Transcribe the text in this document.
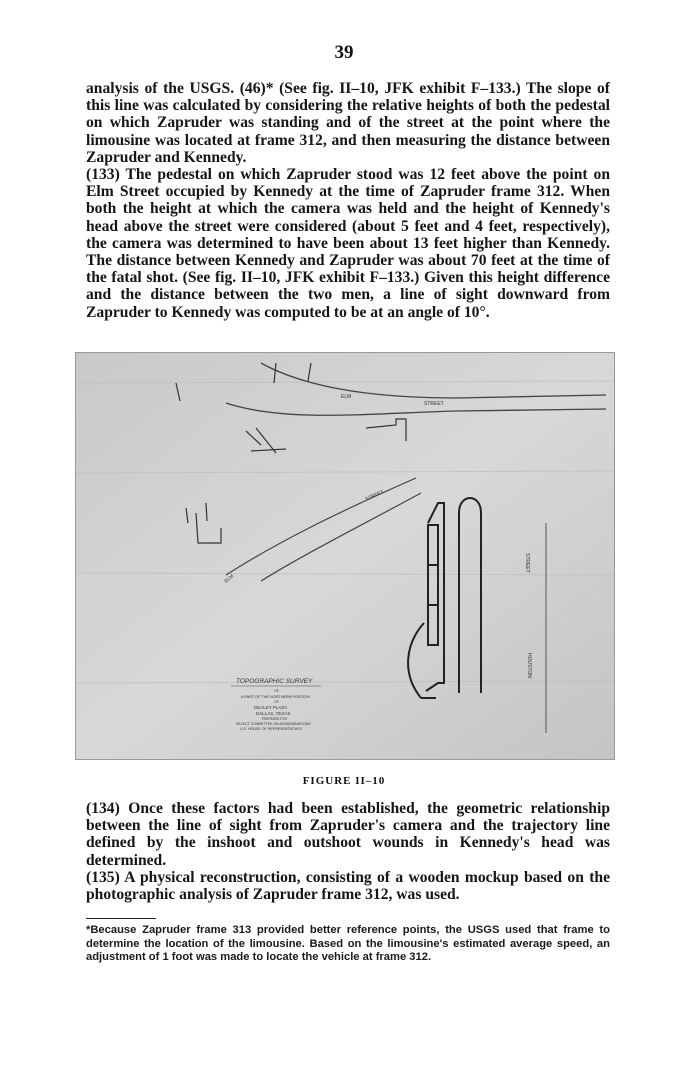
39

analysis of the USGS. (46)* (See fig. II–10, JFK exhibit F–133.) The slope of this line was calculated by considering the relative heights of both the pedestal on which Zapruder was standing and of the street at the point where the limousine was located at frame 312, and then measuring the distance between Zapruder and Kennedy.

(133) The pedestal on which Zapruder stood was 12 feet above the point on Elm Street occupied by Kennedy at the time of Zapruder frame 312. When both the height at which the camera was held and the height of Kennedy's head above the street were considered (about 5 feet and 4 feet, respectively), the camera was determined to have been about 13 feet higher than Kennedy. The distance between Kennedy and Zapruder was about 70 feet at the time of the fatal shot. (See fig. II–10, JFK exhibit F–133.) Given this height difference and the distance between the two men, a line of sight downward from Zapruder to Kennedy was computed to be at an angle of 10°.

ELM
STREET
STREET
ELM
STREET
HOUSTON
TOPOGRAPHIC SURVEY
OF
A PART OF THE NORTHERN PORTION
OF
DEALEY PLAZA
DALLAS, TEXAS
PREPARED FOR
SELECT COMMITTEE ON ASSASSINATIONS
U.S. HOUSE OF REPRESENTATIVES
FIGURE II–10

(134) Once these factors had been established, the geometric relationship between the line of sight from Zapruder's camera and the trajectory line defined by the inshoot and outshoot wounds in Kennedy's head was determined.

(135) A physical reconstruction, consisting of a wooden mockup based on the photographic analysis of Zapruder frame 312, was used.

*Because Zapruder frame 313 provided better reference points, the USGS used that frame to determine the location of the limousine. Based on the limousine's estimated average speed, an adjustment of 1 foot was made to locate the vehicle at frame 312.
